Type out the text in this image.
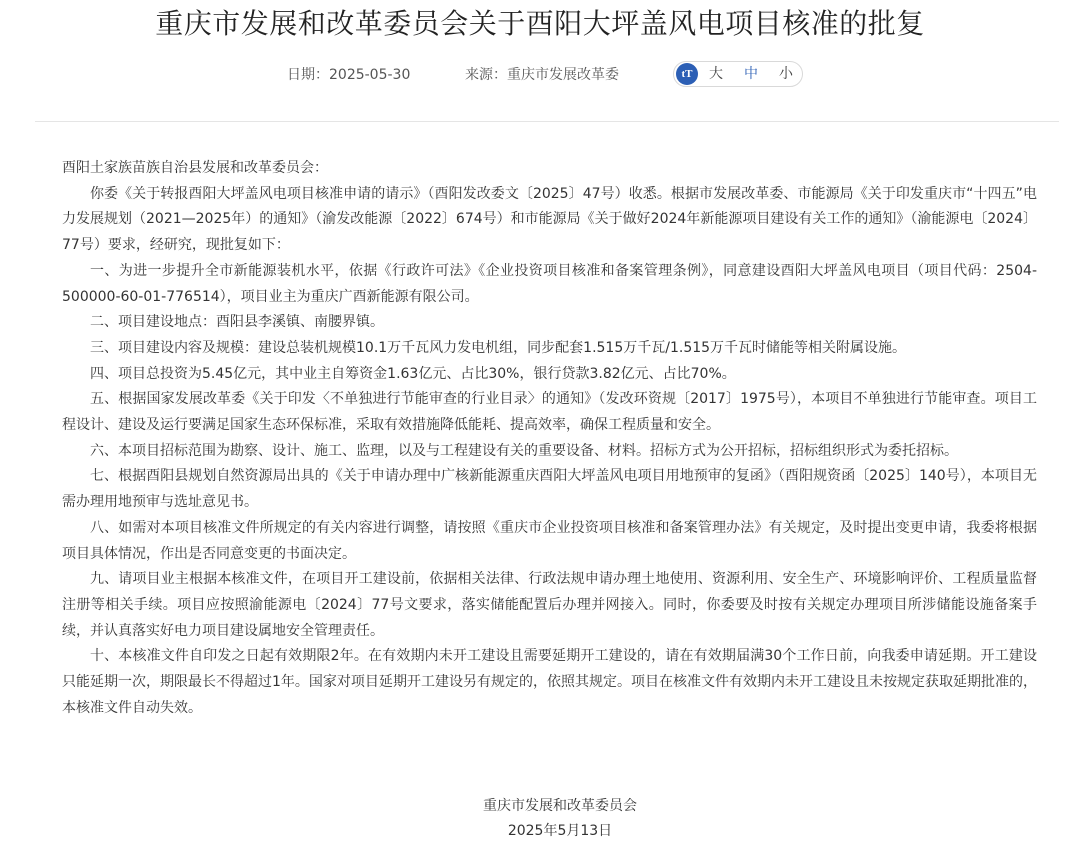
重庆市发展和改革委员会关于酉阳大坪盖风电项目核准的批复
日期：2025-05-30	来源：重庆市发展改革委	tT	大 中 小

酉阳土家族苗族自治县发展和改革委员会：

你委《关于转报酉阳大坪盖风电项目核准申请的请示》（酉阳发改委文〔2025〕47号）收悉。根据市发展改革委、市能源局《关于印发重庆市“十四五”电力发展规划（2021—2025年）的通知》（渝发改能源〔2022〕674号）和市能源局《关于做好2024年新能源项目建设有关工作的通知》（渝能源电〔2024〕77号）要求，经研究，现批复如下：

一、为进一步提升全市新能源装机水平，依据《行政许可法》《企业投资项目核准和备案管理条例》，同意建设酉阳大坪盖风电项目（项目代码：2504-500000-60-01-776514），项目业主为重庆广酉新能源有限公司。

二、项目建设地点：酉阳县李溪镇、南腰界镇。

三、项目建设内容及规模：建设总装机规模10.1万千瓦风力发电机组，同步配套1.515万千瓦/1.515万千瓦时储能等相关附属设施。

四、项目总投资为5.45亿元，其中业主自筹资金1.63亿元、占比30%，银行贷款3.82亿元、占比70%。

五、根据国家发展改革委《关于印发〈不单独进行节能审查的行业目录〉的通知》（发改环资规〔2017〕1975号），本项目不单独进行节能审查。项目工程设计、建设及运行要满足国家生态环保标准，采取有效措施降低能耗、提高效率，确保工程质量和安全。

六、本项目招标范围为勘察、设计、施工、监理，以及与工程建设有关的重要设备、材料。招标方式为公开招标，招标组织形式为委托招标。

七、根据酉阳县规划自然资源局出具的《关于申请办理中广核新能源重庆酉阳大坪盖风电项目用地预审的复函》（酉阳规资函〔2025〕140号），本项目无需办理用地预审与选址意见书。

八、如需对本项目核准文件所规定的有关内容进行调整，请按照《重庆市企业投资项目核准和备案管理办法》有关规定，及时提出变更申请，我委将根据项目具体情况，作出是否同意变更的书面决定。

九、请项目业主根据本核准文件，在项目开工建设前，依据相关法律、行政法规申请办理土地使用、资源利用、安全生产、环境影响评价、工程质量监督注册等相关手续。项目应按照渝能源电〔2024〕77号文要求，落实储能配置后办理并网接入。同时，你委要及时按有关规定办理项目所涉储能设施备案手续，并认真落实好电力项目建设属地安全管理责任。

十、本核准文件自印发之日起有效期限2年。在有效期内未开工建设且需要延期开工建设的，请在有效期届满30个工作日前，向我委申请延期。开工建设只能延期一次，期限最长不得超过1年。国家对项目延期开工建设另有规定的，依照其规定。项目在核准文件有效期内未开工建设且未按规定获取延期批准的，本核准文件自动失效。

重庆市发展和改革委员会
2025年5月13日
